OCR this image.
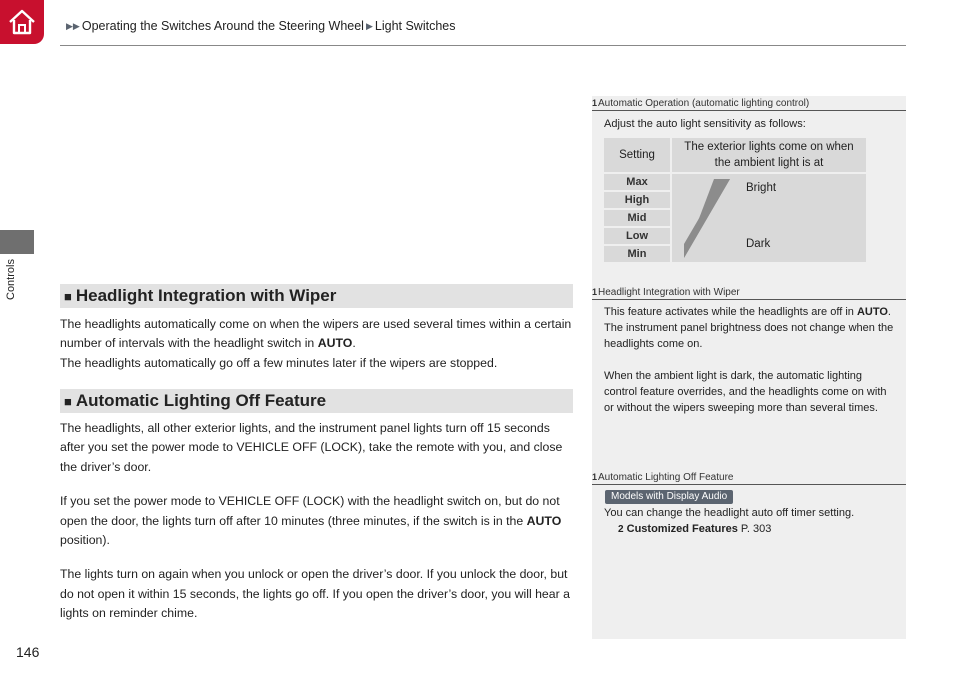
▶▶ Operating the Switches Around the Steering Wheel ▶ Light Switches
Controls	■ Headlight Integration with Wiper

The headlights automatically come on when the wipers are used several times within a certain number of intervals with the headlight switch in AUTO.

The headlights automatically go off a few minutes later if the wipers are stopped.

■ Automatic Lighting Off Feature

The headlights, all other exterior lights, and the instrument panel lights turn off 15 seconds after you set the power mode to VEHICLE OFF (LOCK), take the remote with you, and close the driver’s door.

If you set the power mode to VEHICLE OFF (LOCK) with the headlight switch on, but do not open the door, the lights turn off after 10 minutes (three minutes, if the switch is in the AUTO position).

The lights turn on again when you unlock or open the driver’s door. If you unlock the door, but do not open it within 15 seconds, the lights go off. If you open the driver’s door, you will hear a lights on reminder chime.

146
1 Automatic Operation (automatic lighting control)
Adjust the auto light sensitivity as follows:
Setting
The exterior lights come on when the ambient light is at
Max
High
Mid
Low
Min
Bright
Dark
1 Headlight Integration with Wiper

This feature activates while the headlights are off in AUTO.

The instrument panel brightness does not change when the headlights come on.

When the ambient light is dark, the automatic lighting control feature overrides, and the headlights come on with or without the wipers sweeping more than several times.

1 Automatic Lighting Off Feature
Models with Display Audio

You can change the headlight auto off timer setting.

2 Customized Features P. 303
